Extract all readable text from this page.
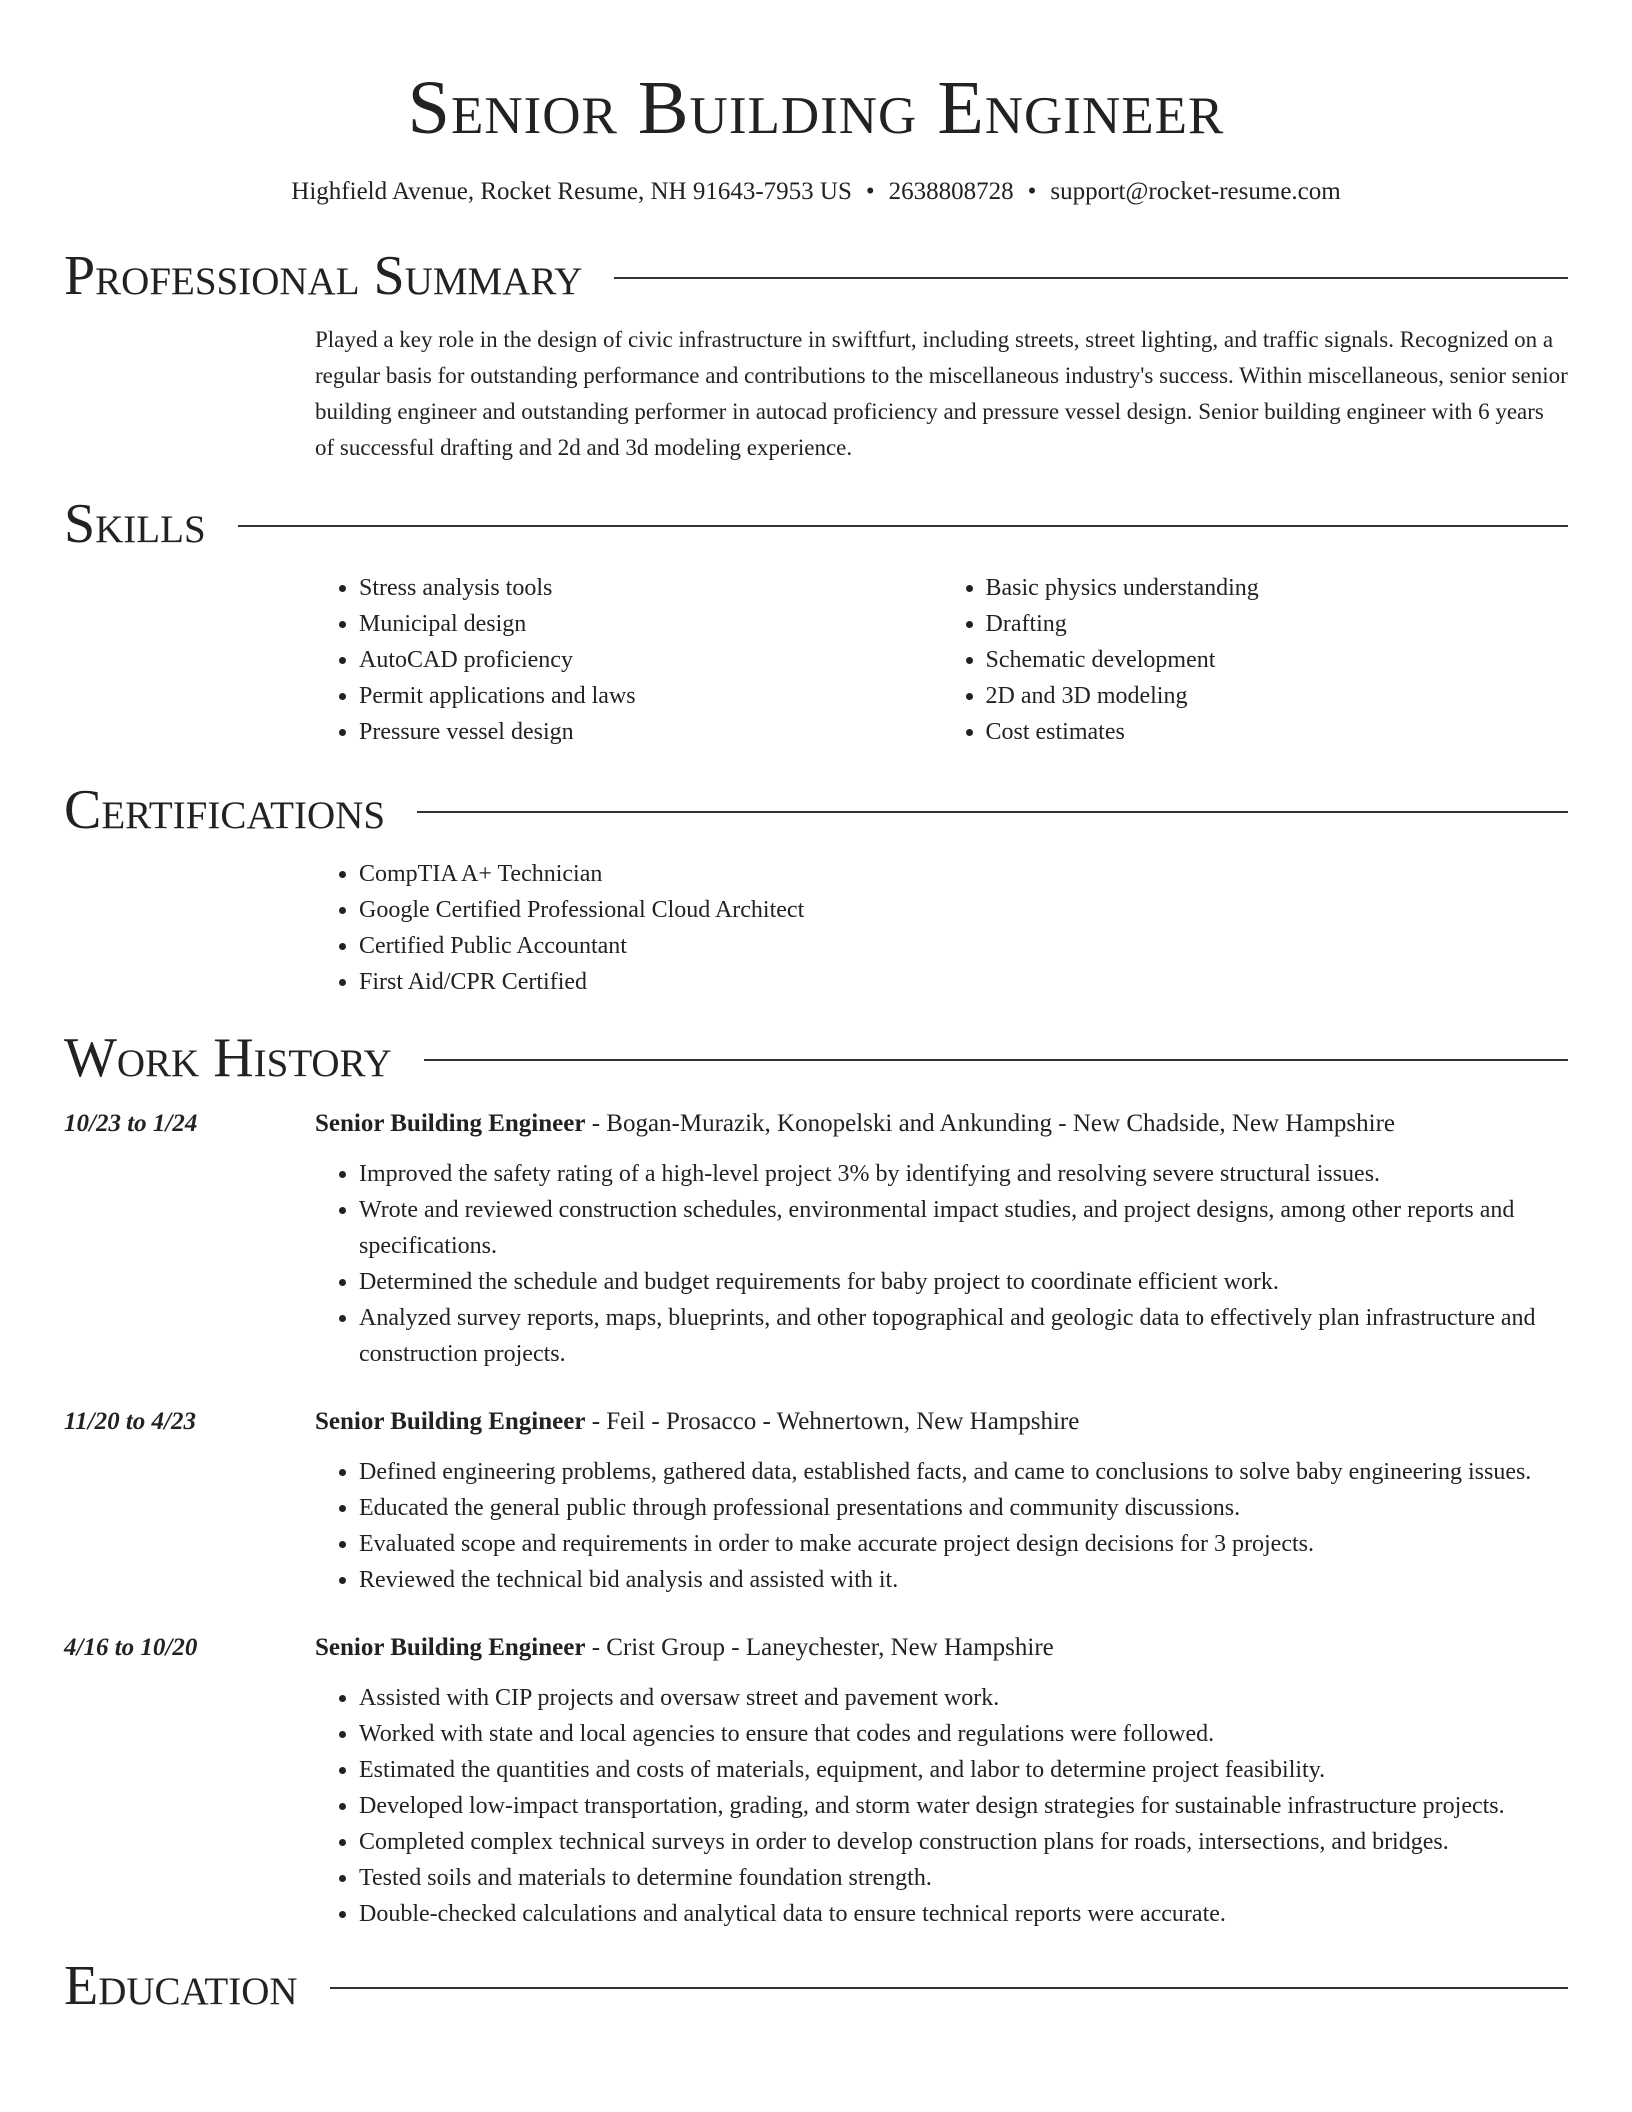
Senior Building Engineer
Highfield Avenue, Rocket Resume, NH 91643-7953 US • 2638808728 • support@rocket-resume.com
Professional Summary
Played a key role in the design of civic infrastructure in swiftfurt, including streets, street lighting, and traffic signals. Recognized on a regular basis for outstanding performance and contributions to the miscellaneous industry's success. Within miscellaneous, senior senior building engineer and outstanding performer in autocad proficiency and pressure vessel design. Senior building engineer with 6 years of successful drafting and 2d and 3d modeling experience.
Skills
• Stress analysis tools
• Municipal design
• AutoCAD proficiency
• Permit applications and laws
• Pressure vessel design
• Basic physics understanding
• Drafting
• Schematic development
• 2D and 3D modeling
• Cost estimates
Certifications
• CompTIA A+ Technician
• Google Certified Professional Cloud Architect
• Certified Public Accountant
• First Aid/CPR Certified
Work History
10/23 to 1/24	Senior Building Engineer - Bogan-Murazik, Konopelski and Ankunding - New Chadside, New Hampshire
• Improved the safety rating of a high-level project 3% by identifying and resolving severe structural issues.
• Wrote and reviewed construction schedules, environmental impact studies, and project designs, among other reports and specifications.
• Determined the schedule and budget requirements for baby project to coordinate efficient work.
• Analyzed survey reports, maps, blueprints, and other topographical and geologic data to effectively plan infrastructure and construction projects.
11/20 to 4/23	Senior Building Engineer - Feil - Prosacco - Wehnertown, New Hampshire
• Defined engineering problems, gathered data, established facts, and came to conclusions to solve baby engineering issues.
• Educated the general public through professional presentations and community discussions.
• Evaluated scope and requirements in order to make accurate project design decisions for 3 projects.
• Reviewed the technical bid analysis and assisted with it.
4/16 to 10/20	Senior Building Engineer - Crist Group - Laneychester, New Hampshire
• Assisted with CIP projects and oversaw street and pavement work.
• Worked with state and local agencies to ensure that codes and regulations were followed.
• Estimated the quantities and costs of materials, equipment, and labor to determine project feasibility.
• Developed low-impact transportation, grading, and storm water design strategies for sustainable infrastructure projects.
• Completed complex technical surveys in order to develop construction plans for roads, intersections, and bridges.
• Tested soils and materials to determine foundation strength.
• Double-checked calculations and analytical data to ensure technical reports were accurate.
Education
